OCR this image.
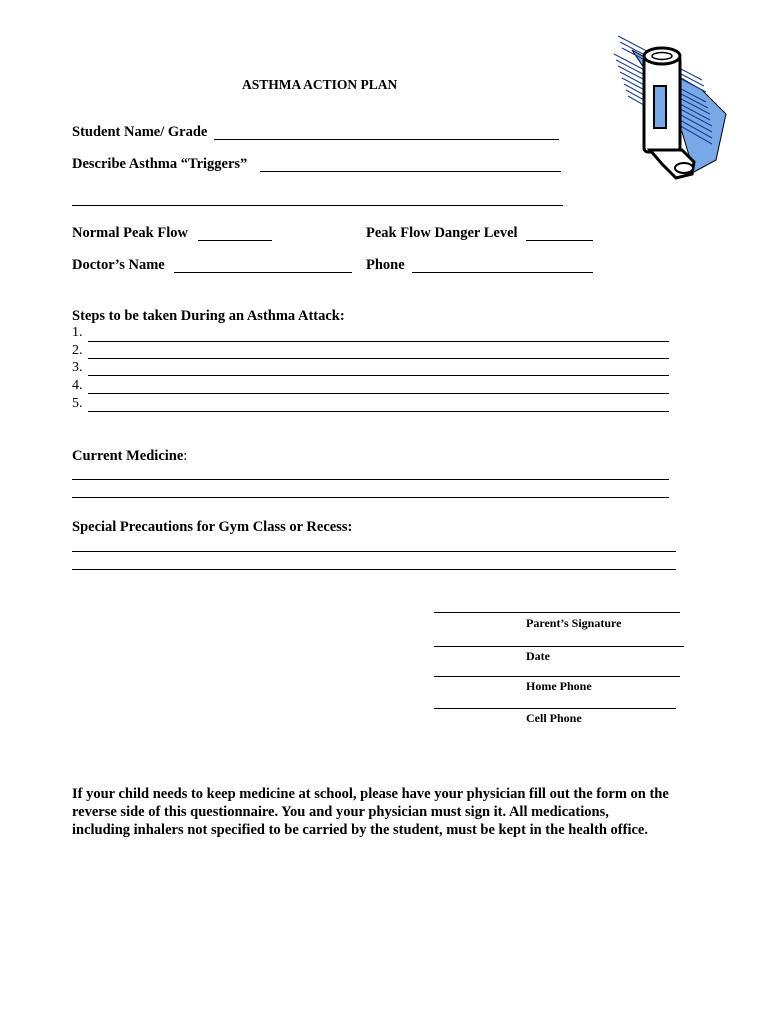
ASTHMA ACTION PLAN
Student Name/ Grade
Describe Asthma “Triggers”
Normal Peak Flow	Peak Flow Danger Level
Doctor’s Name	Phone
Steps to be taken During an Asthma Attack:
1.
2.
3.
4.
5.
Current Medicine:
Special Precautions for Gym Class or Recess:
Parent’s Signature
Date
Home Phone
Cell Phone
If your child needs to keep medicine at school, please have your physician fill out the form on the
reverse side of this questionnaire. You and your physician must sign it. All medications,
including inhalers not specified to be carried by the student, must be kept in the health office.
